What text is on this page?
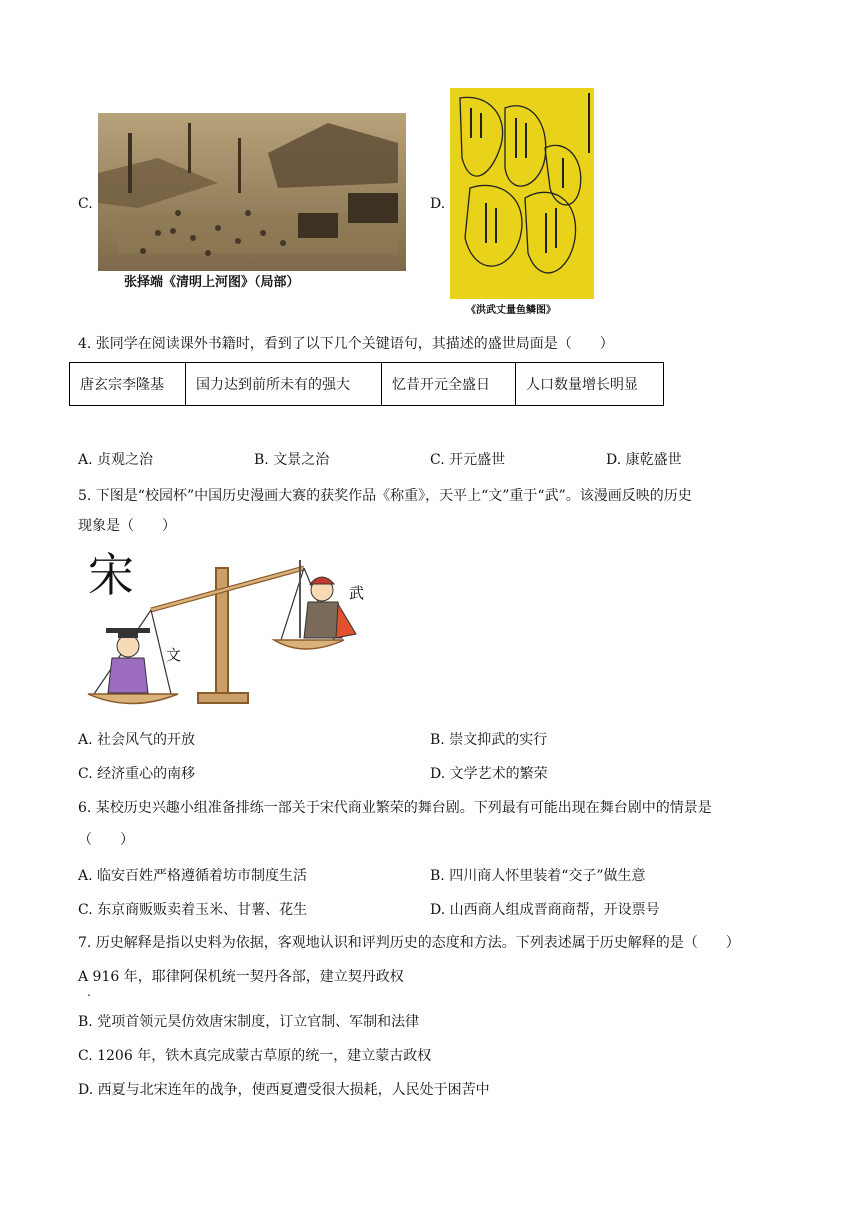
C.
张择端《清明上河图》（局部）
D.
《洪武丈量鱼鳞图》
4. 张同学在阅读课外书籍时，看到了以下几个关键语句，其描述的盛世局面是（　　）
唐玄宗李隆基	国力达到前所未有的强大	忆昔开元全盛日	人口数量增长明显
A. 贞观之治	B. 文景之治	C. 开元盛世	D. 康乾盛世
5. 下图是“校园杯”中国历史漫画大赛的获奖作品《称重》，天平上“文”重于“武”。该漫画反映的历史
现象是（　　）
宋
文
武
A. 社会风气的开放	B. 崇文抑武的实行
C. 经济重心的南移	D. 文学艺术的繁荣
6. 某校历史兴趣小组准备排练一部关于宋代商业繁荣的舞台剧。下列最有可能出现在舞台剧中的情景是
（　　）
A. 临安百姓严格遵循着坊市制度生活	B. 四川商人怀里装着“交子”做生意
C. 东京商贩贩卖着玉米、甘薯、花生	D. 山西商人组成晋商商帮，开设票号
7. 历史解释是指以史料为依据，客观地认识和评判历史的态度和方法。下列表述属于历史解释的是（　　）
A 916 年，耶律阿保机统一契丹各部，建立契丹政权
.
B. 党项首领元昊仿效唐宋制度，订立官制、军制和法律
C. 1206 年，铁木真完成蒙古草原的统一，建立蒙古政权
D. 西夏与北宋连年的战争，使西夏遭受很大损耗，人民处于困苦中
